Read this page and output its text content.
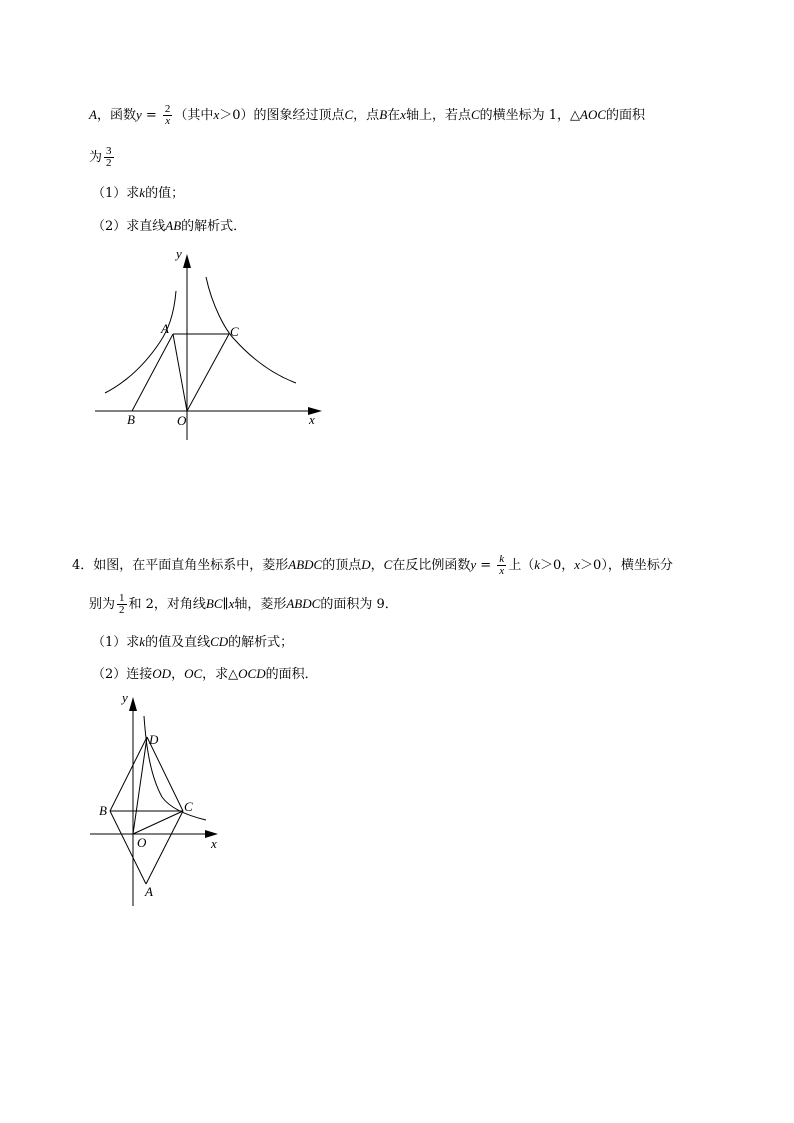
A，函数$y = \frac{2}{x}$ （其中x＞0）的图象经过顶点C，点B在x轴上，若点C的横坐标为 1，△AOC的面积
为 $\frac{3}{2}$
（1）求k的值；
（2）求直线AB的解析式．
y
A	C
B	O	x
4．如图，在平面直角坐标系中，菱形ABDC的顶点D，C在反比例函数$y = \frac{k}{x}$ 上（k＞0，x＞0），横坐标分
别为 $\frac{1}{2}$ 和 2，对角线BC∥x轴，菱形ABDC的面积为 9．
（1）求k的值及直线CD的解析式；
（2）连接OD，OC，求△OCD的面积．
y
D
B	C
O	x
A
